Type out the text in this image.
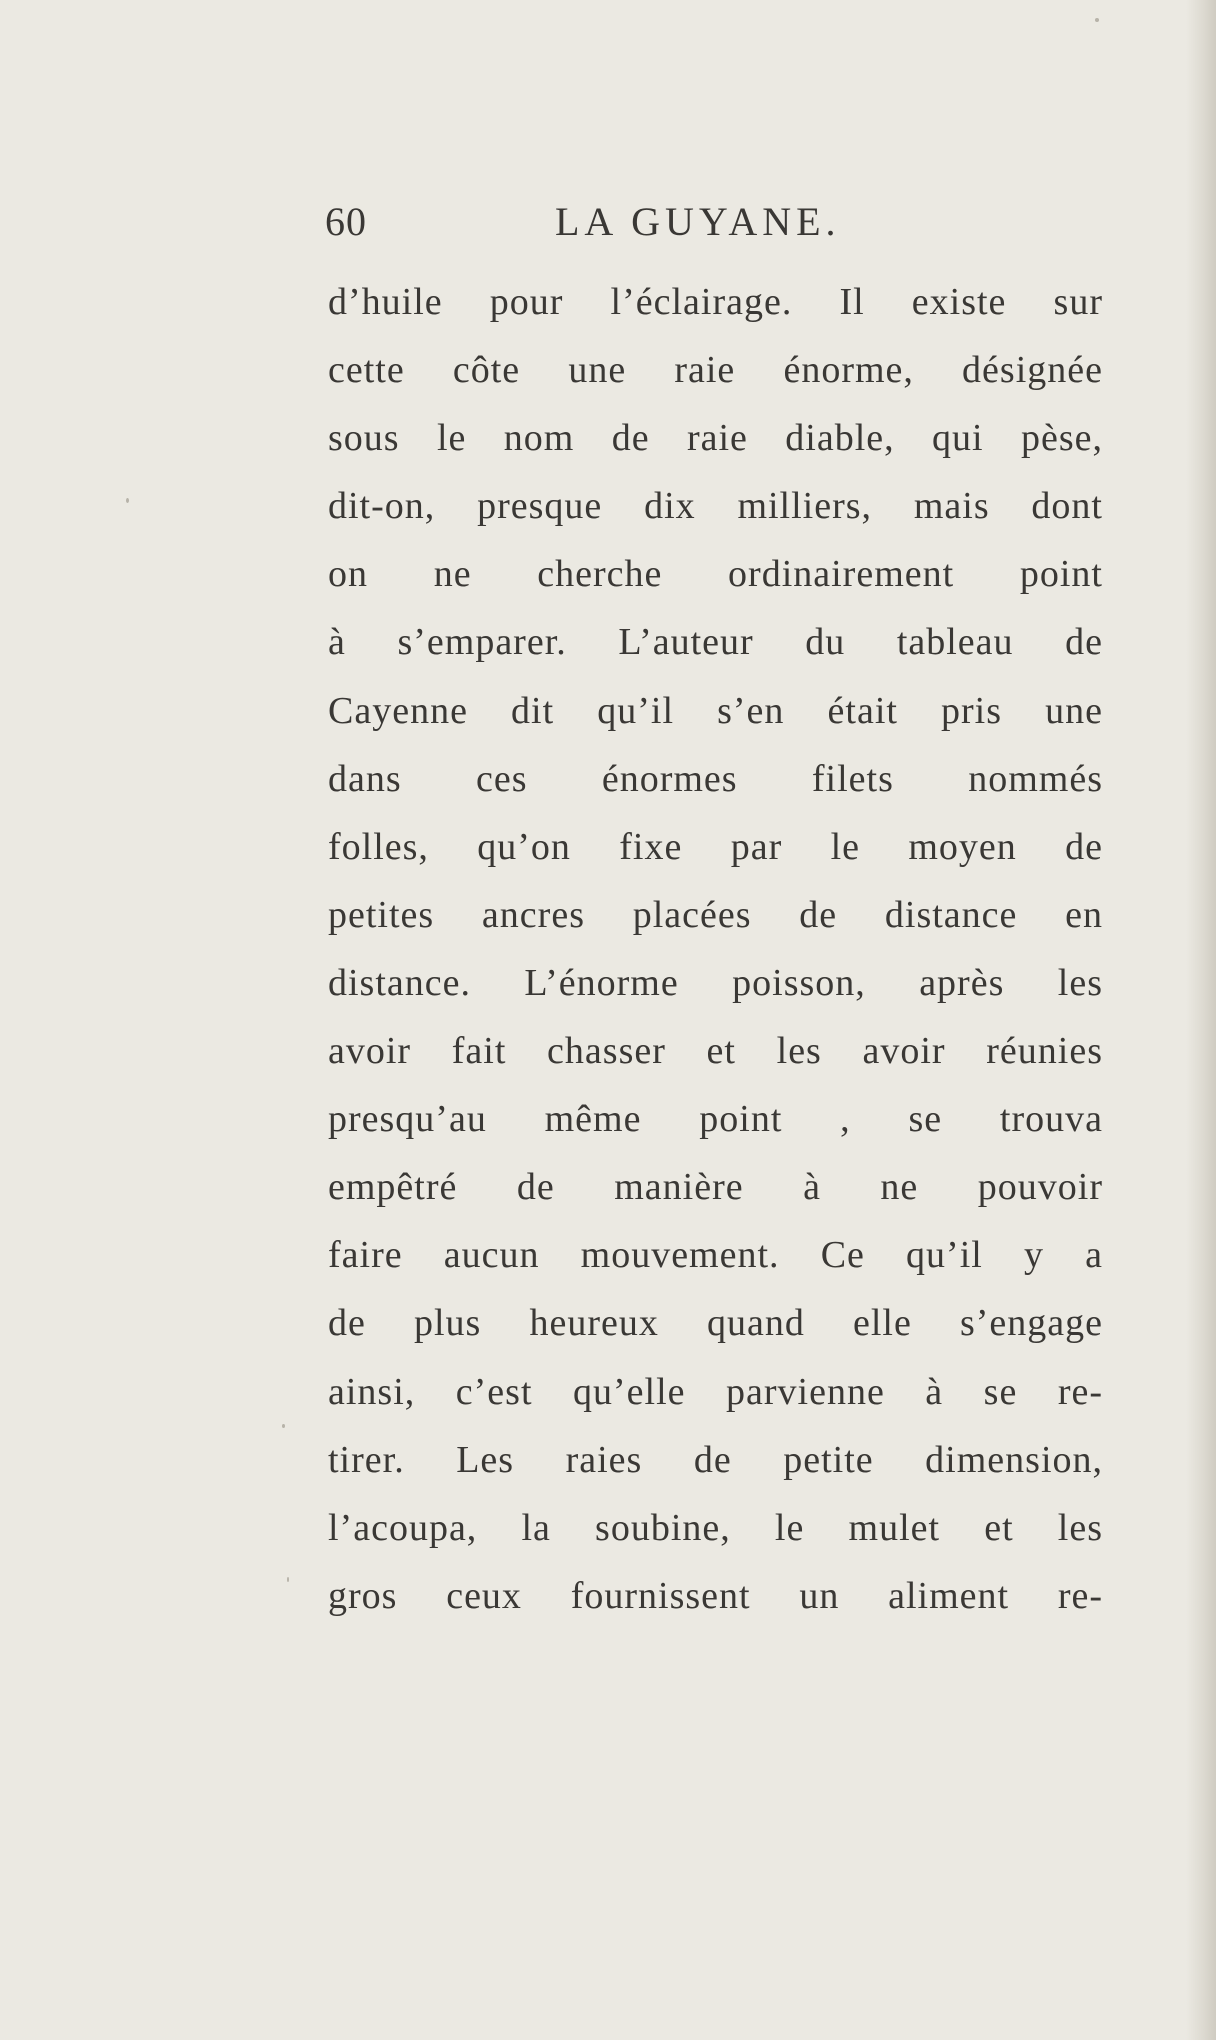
60	LA GUYANE.
d’huile pour l’éclairage. Il existe sur
cette côte une raie énorme, désignée
sous le nom de raie diable, qui pèse,
dit-on, presque dix milliers, mais dont
on ne cherche ordinairement point
à s’emparer. L’auteur du tableau de
Cayenne dit qu’il s’en était pris une
dans ces énormes filets nommés
folles, qu’on fixe par le moyen de
petites ancres placées de distance en
distance. L’énorme poisson, après les
avoir fait chasser et les avoir réunies
presqu’au même point , se trouva
empêtré de manière à ne pouvoir
faire aucun mouvement. Ce qu’il y a
de plus heureux quand elle s’engage
ainsi, c’est qu’elle parvienne à se re-
tirer. Les raies de petite dimension,
l’acoupa, la soubine, le mulet et les
gros ceux fournissent un aliment re-
